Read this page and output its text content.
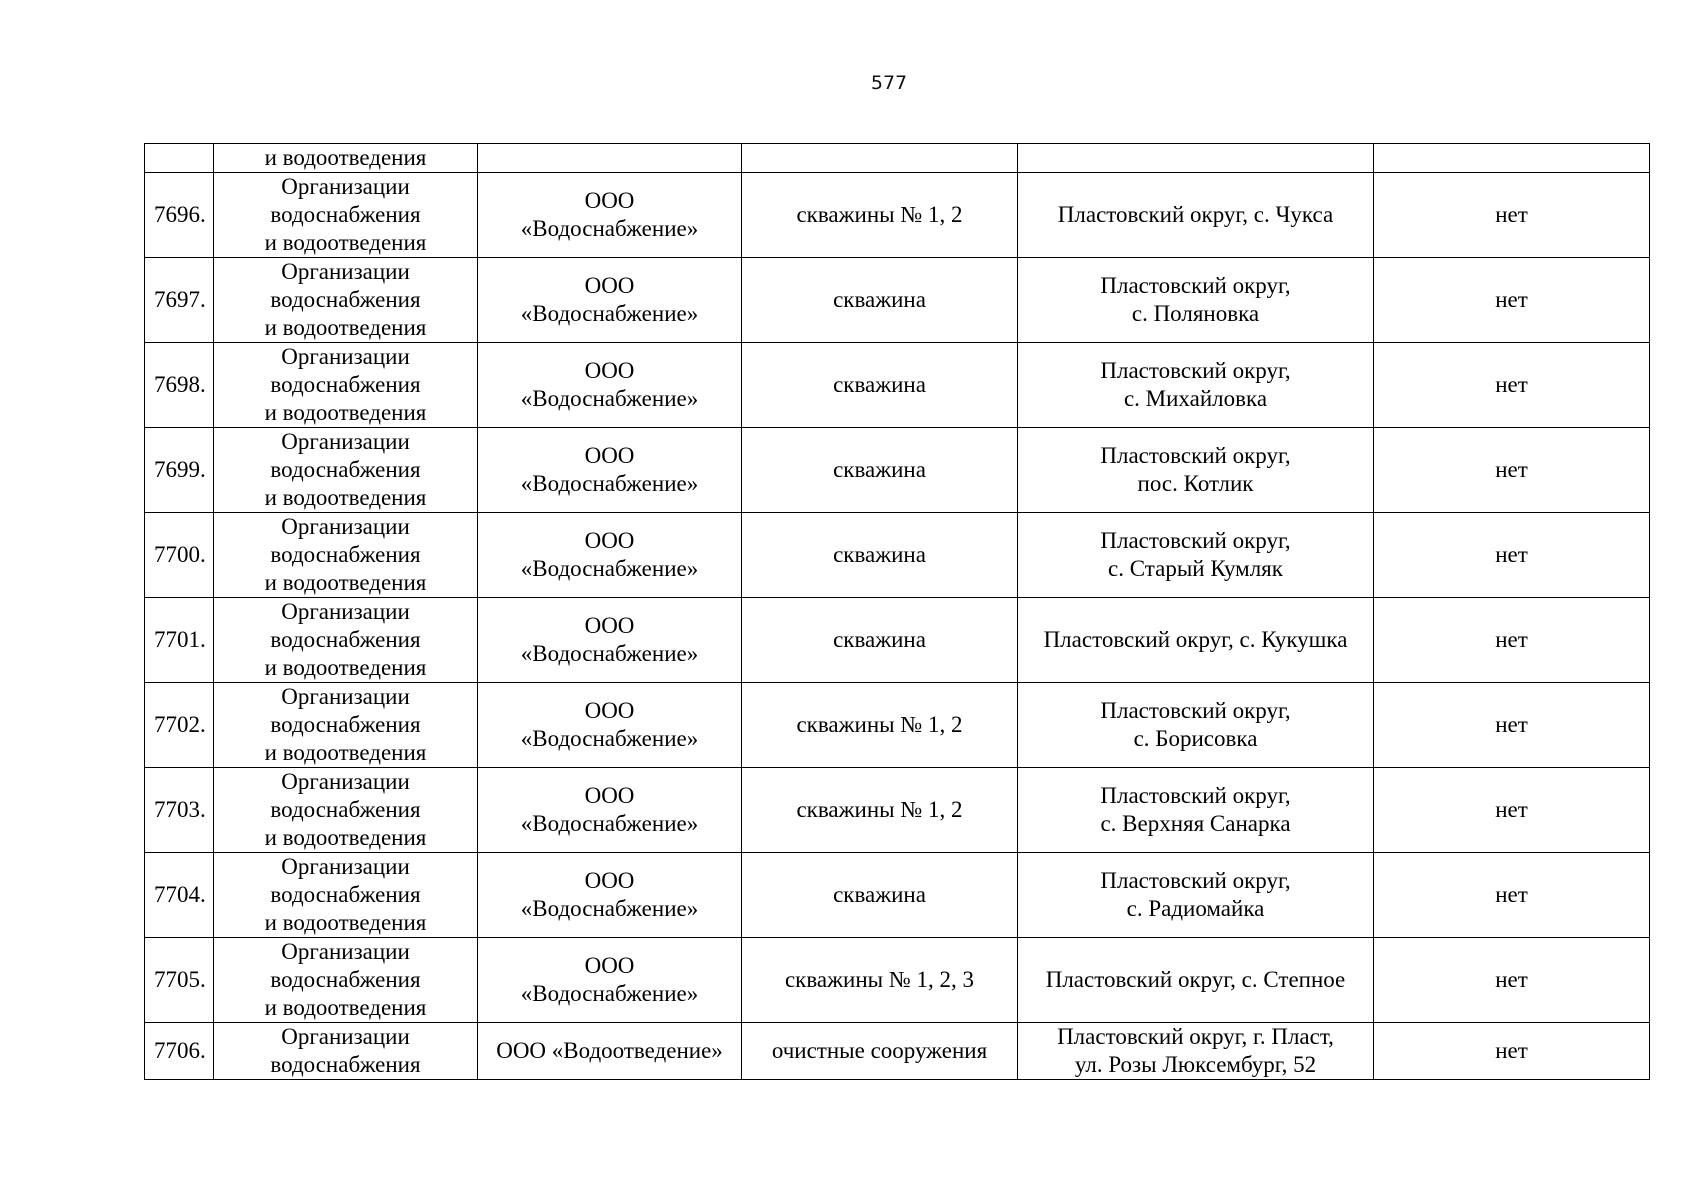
577
	и водоотведения				
7696.	Организации
водоснабжения
и водоотведения	ООО
«Водоснабжение»	скважины № 1, 2	Пластовский округ, с. Чукса	нет
7697.	Организации
водоснабжения
и водоотведения	ООО
«Водоснабжение»	скважина	Пластовский округ,
с. Поляновка	нет
7698.	Организации
водоснабжения
и водоотведения	ООО
«Водоснабжение»	скважина	Пластовский округ,
с. Михайловка	нет
7699.	Организации
водоснабжения
и водоотведения	ООО
«Водоснабжение»	скважина	Пластовский округ,
пос. Котлик	нет
7700.	Организации
водоснабжения
и водоотведения	ООО
«Водоснабжение»	скважина	Пластовский округ,
с. Старый Кумляк	нет
7701.	Организации
водоснабжения
и водоотведения	ООО
«Водоснабжение»	скважина	Пластовский округ, с. Кукушка	нет
7702.	Организации
водоснабжения
и водоотведения	ООО
«Водоснабжение»	скважины № 1, 2	Пластовский округ,
с. Борисовка	нет
7703.	Организации
водоснабжения
и водоотведения	ООО
«Водоснабжение»	скважины № 1, 2	Пластовский округ,
с. Верхняя Санарка	нет
7704.	Организации
водоснабжения
и водоотведения	ООО
«Водоснабжение»	скважина	Пластовский округ,
с. Радиомайка	нет
7705.	Организации
водоснабжения
и водоотведения	ООО
«Водоснабжение»	скважины № 1, 2, 3	Пластовский округ, с. Степное	нет
7706.	Организации
водоснабжения	ООО «Водоотведение»	очистные сооружения	Пластовский округ, г. Пласт,
ул. Розы Люксембург, 52	нет
